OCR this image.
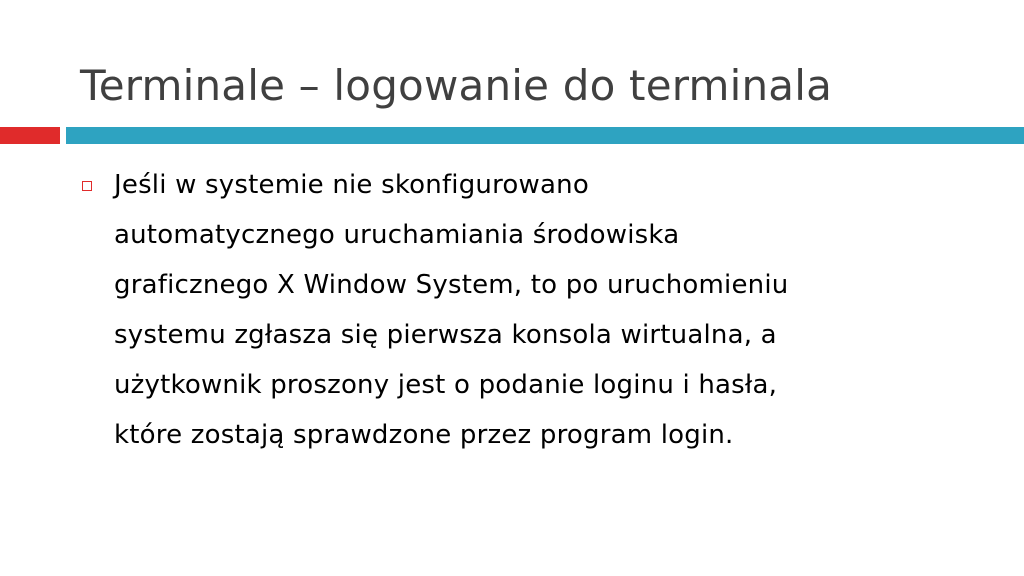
Terminale – logowanie do terminala
Jeśli w systemie nie skonfigurowano
automatycznego uruchamiania środowiska
graficznego X Window System, to po uruchomieniu
systemu zgłasza się pierwsza konsola wirtualna, a
użytkownik proszony jest o podanie loginu i hasła,
które zostają sprawdzone przez program login.
